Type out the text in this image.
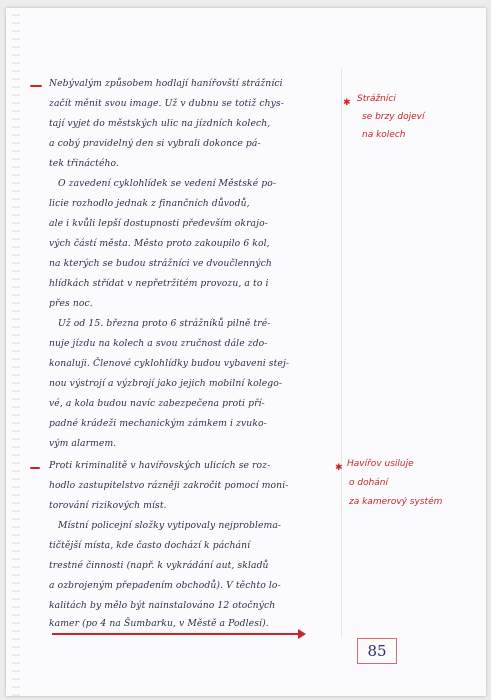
Nebývalým způsobem hodlají hanířovští strážníci
začít měnit svou image. Už v dubnu se totiž chys-
tají vyjet do městských ulic na jízdních kolech,
a cobý pravidelný den si vybrali dokonce pá-
tek třináctého.
O zavedení cyklohlídek se vedení Městské po-
licie rozhodlo jednak z finančních důvodů,
ale i kvůli lepší dostupnosti především okrajo-
vých částí města. Město proto zakoupilo 6 kol,
na kterých se budou strážníci ve dvoučlenných
hlídkách střídat v nepřetržitém provozu, a to i
přes noc.
Už od 15. března proto 6 strážníků pilně tré-
nuje jízdu na kolech a svou zručnost dále zdo-
konaluji. Členové cyklohlídky budou vybaveni stej-
nou výstrojí a výzbrojí jako jejich mobilní kolego-
vé, a kola budou navíc zabezpečena proti pří-
padné krádeži mechanickým zámkem i zvuko-
vým alarmem.
✱ Strážníci
se brzy dojeví
na kolech
Proti kriminalitě v havířovských ulicích se roz-
hodlo zastupitelstvo rázněji zakročit pomocí moni-
torování rizikových míst.
Místní policejní složky vytipovaly nejproblema-
tičtější místa, kde často dochází k páchání
trestné činnosti (např. k vykrádání aut, skladů
a ozbrojeným přepadením obchodů). V těchto lo-
kalitách by mělo být nainstalováno 12 otočných
kamer (po 4 na Šumbarku, v Městě a Podlesí).
✱ Havířov usiluje
o dohání
za kamerový systém
85
